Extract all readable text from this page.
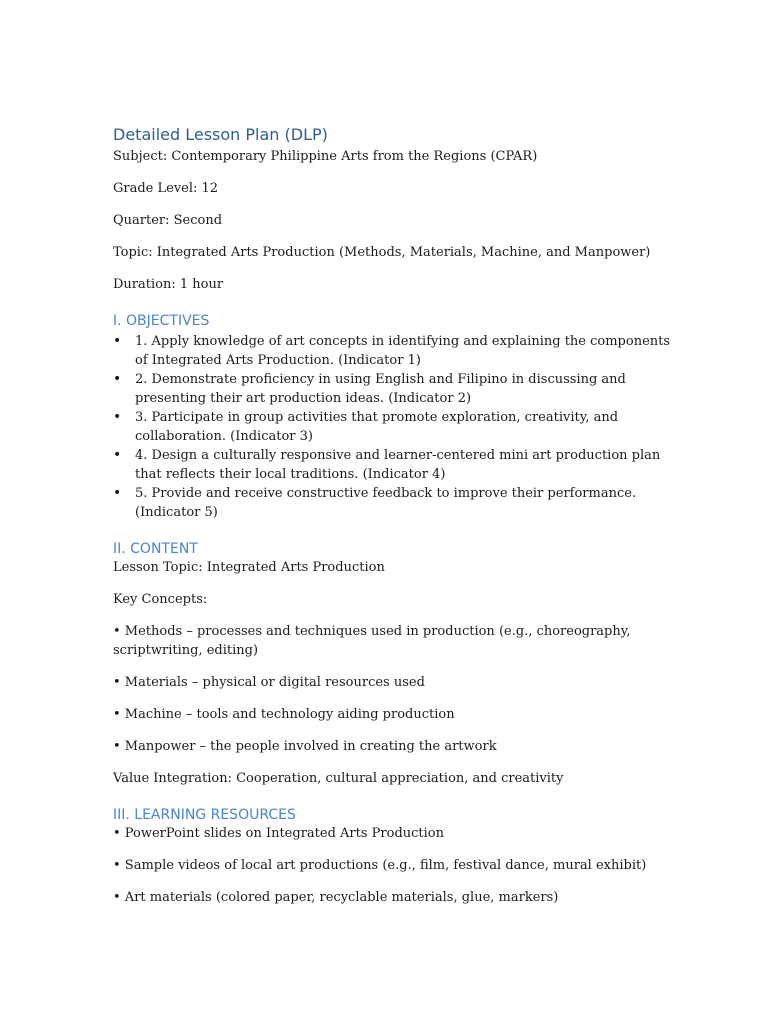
Detailed Lesson Plan (DLP)

Subject: Contemporary Philippine Arts from the Regions (CPAR)

Grade Level: 12

Quarter: Second

Topic: Integrated Arts Production (Methods, Materials, Machine, and Manpower)

Duration: 1 hour

I. OBJECTIVES
• 1. Apply knowledge of art concepts in identifying and explaining the components of Integrated Arts Production. (Indicator 1)
• 2. Demonstrate proficiency in using English and Filipino in discussing and presenting their art production ideas. (Indicator 2)
• 3. Participate in group activities that promote exploration, creativity, and collaboration. (Indicator 3)
• 4. Design a culturally responsive and learner-centered mini art production plan that reflects their local traditions. (Indicator 4)
• 5. Provide and receive constructive feedback to improve their performance. (Indicator 5)
II. CONTENT

Lesson Topic: Integrated Arts Production

Key Concepts:

• Methods – processes and techniques used in production (e.g., choreography, scriptwriting, editing)

• Materials – physical or digital resources used

• Machine – tools and technology aiding production

• Manpower – the people involved in creating the artwork

Value Integration: Cooperation, cultural appreciation, and creativity

III. LEARNING RESOURCES

• PowerPoint slides on Integrated Arts Production

• Sample videos of local art productions (e.g., film, festival dance, mural exhibit)

• Art materials (colored paper, recyclable materials, glue, markers)
